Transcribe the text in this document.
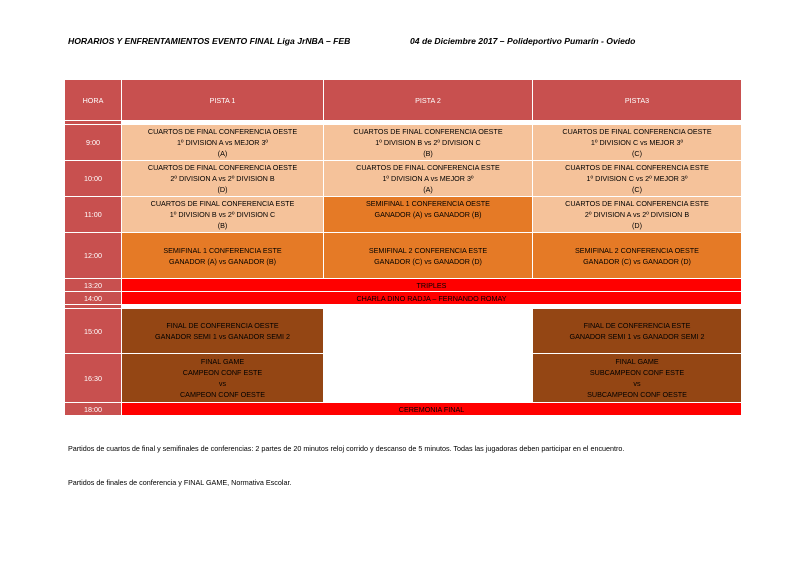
HORARIOS Y ENFRENTAMIENTOS EVENTO FINAL Liga JrNBA – FEB	04 de Diciembre 2017 – Polideportivo Pumarín - Oviedo
HORA	PISTA 1	PISTA 2	PISTA3

9:00	CUARTOS DE FINAL CONFERENCIA OESTE
1º DIVISION A vs MEJOR 3º
(A)	CUARTOS DE FINAL CONFERENCIA OESTE
1º DIVISION B vs 2º DIVISION C
(B)	CUARTOS DE FINAL CONFERENCIA OESTE
1º DIVISION C vs MEJOR 3º
(C)

10:00	CUARTOS DE FINAL CONFERENCIA OESTE
2º DIVISION A vs 2º DIVISION B
(D)	CUARTOS DE FINAL CONFERENCIA ESTE
1º DIVISION A vs MEJOR 3º
(A)	CUARTOS DE FINAL CONFERENCIA ESTE
1º DIVISION C vs 2º MEJOR 3º
(C)

11:00	CUARTOS DE FINAL CONFERENCIA ESTE
1º DIVISION B vs 2º DIVISION C
(B)	SEMIFINAL 1 CONFERENCIA OESTE
GANADOR (A) vs GANADOR (B)	CUARTOS DE FINAL CONFERENCIA ESTE
2º DIVISION A vs 2º DIVISION B
(D)

12:00	SEMIFINAL 1 CONFERENCIA ESTE
GANADOR (A) vs GANADOR (B)	SEMIFINAL 2 CONFERENCIA ESTE
GANADOR (C) vs GANADOR (D)	SEMIFINAL 2 CONFERENCIA OESTE
GANADOR (C) vs GANADOR (D)

13:20	TRIPLES		
14:00	CHARLA DINO RADJA – FERNANDO ROMAY		

15:00	FINAL DE CONFERENCIA OESTE
GANADOR SEMI 1 vs GANADOR SEMI 2		FINAL DE CONFERENCIA ESTE
GANADOR SEMI 1 vs GANADOR SEMI 2

16:30	FINAL GAME
CAMPEON CONF ESTE
vs
CAMPEON CONF OESTE		FINAL GAME
SUBCAMPEON CONF ESTE
vs
SUBCAMPEON CONF OESTE

18:00	CEREMONIA FINAL		
Partidos de cuartos de final y semifinales de conferencias: 2 partes de 20 minutos reloj corrido y descanso de 5 minutos. Todas las jugadoras deben participar en el encuentro.
Partidos de finales de conferencia y FINAL GAME, Normativa Escolar.
